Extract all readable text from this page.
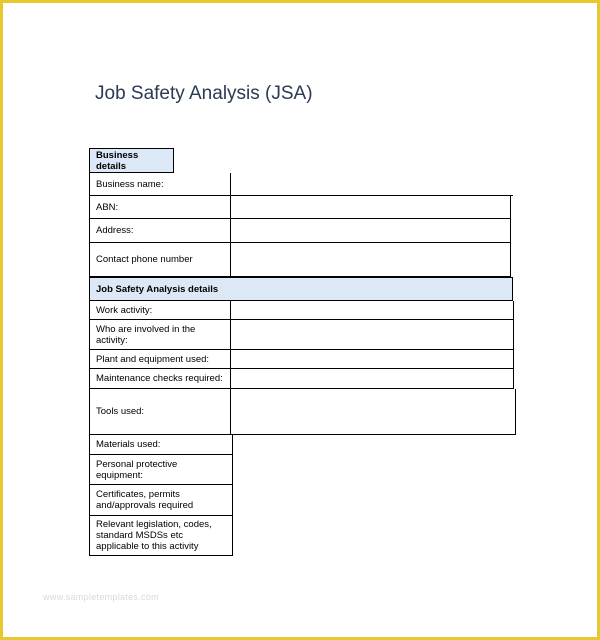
Job Safety Analysis (JSA)
Business details
Business name:
ABN:
Address:
Contact phone number
Job Safety Analysis details
Work activity:
Who are involved in the activity:
Plant and equipment used:
Maintenance checks required:
Tools used:
Materials used:
Personal protective equipment:
Certificates, permits and/approvals required
Relevant legislation, codes, standard MSDSs etc applicable to this activity
www.sampletemplates.com
